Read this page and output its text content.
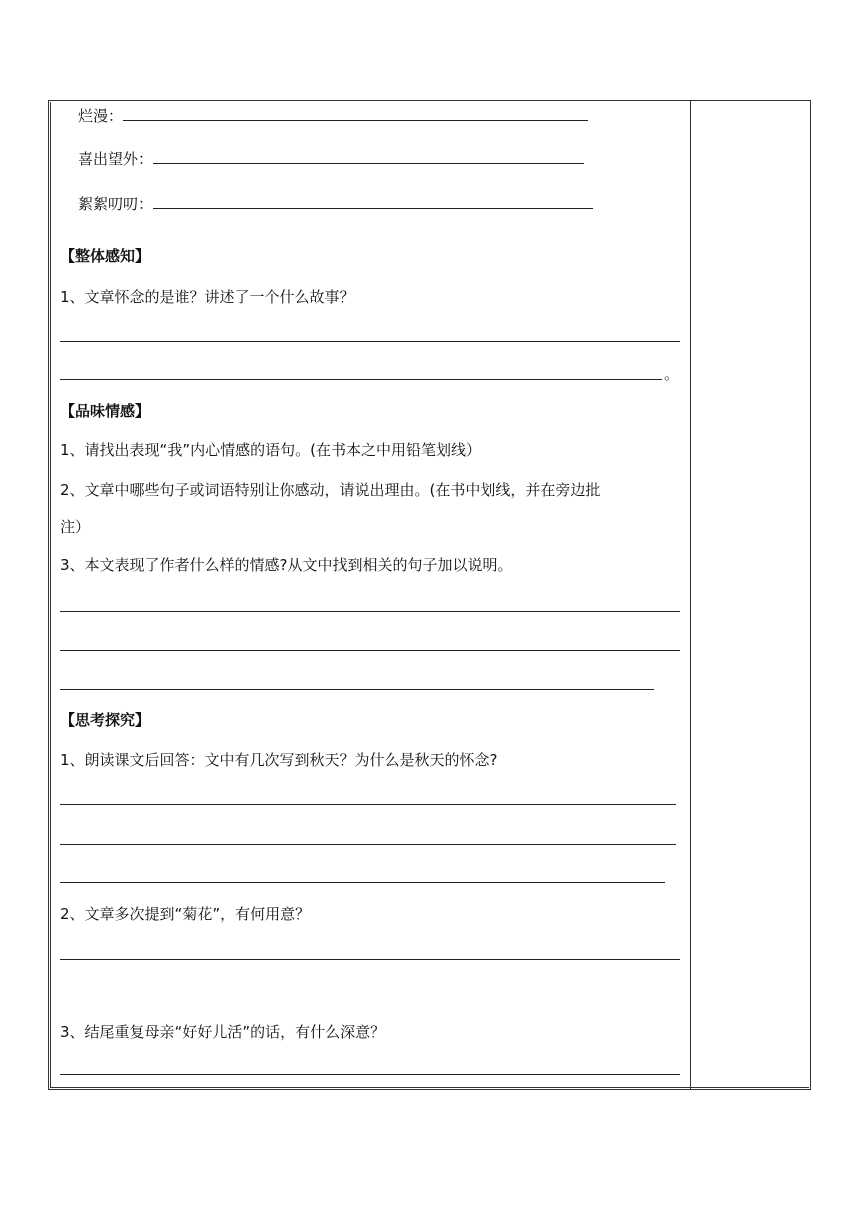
烂漫：
喜出望外：
絮絮叨叨：
【整体感知】
1、文章怀念的是谁？讲述了一个什么故事？
。
【品味情感】
1、请找出表现“我”内心情感的语句。(在书本之中用铅笔划线）
2、文章中哪些句子或词语特别让你感动，请说出理由。(在书中划线，并在旁边批
注）
3、本文表现了作者什么样的情感?从文中找到相关的句子加以说明。
【思考探究】
1、朗读课文后回答：文中有几次写到秋天？为什么是秋天的怀念?
2、文章多次提到“菊花”，有何用意？
3、结尾重复母亲“好好儿活”的话，有什么深意？
